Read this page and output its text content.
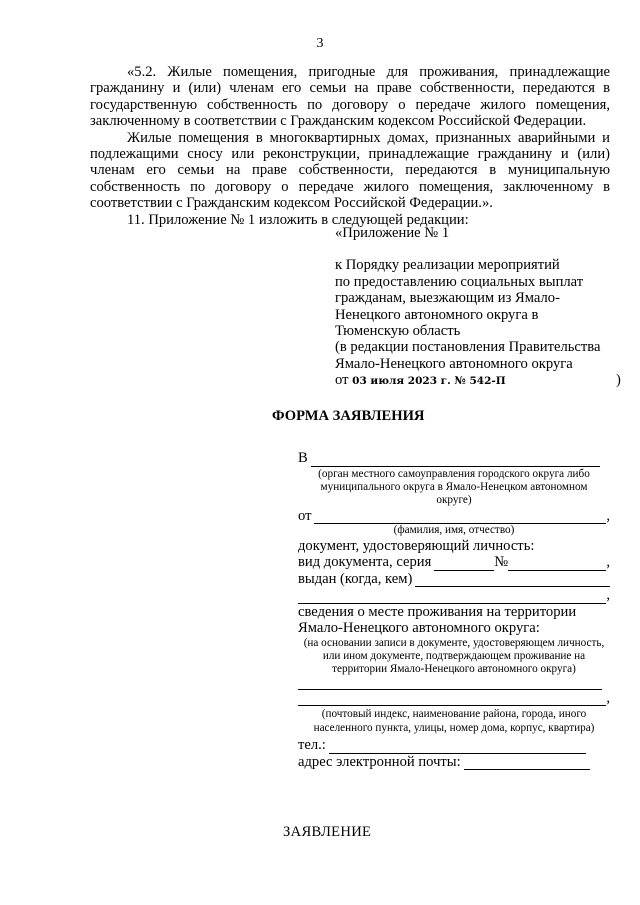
3

«5.2. Жилые помещения, пригодные для проживания, принадлежащие гражданину и (или) членам его семьи на праве собственности, передаются в государственную собственность по договору о передаче жилого помещения, заключенному в соответствии с Гражданским кодексом Российской Федерации.

Жилые помещения в многоквартирных домах, признанных аварийными и подлежащими сносу или реконструкции, принадлежащие гражданину и (или) членам его семьи на праве собственности, передаются в муниципальную собственность по договору о передаче жилого помещения, заключенному в соответствии с Гражданским кодексом Российской Федерации.».

11. Приложение № 1 изложить в следующей редакции:

«Приложение № 1
к Порядку реализации мероприятий
по предоставлению социальных выплат
гражданам, выезжающим из Ямало-
Ненецкого автономного округа в
Тюменскую область
(в редакции постановления Правительства
Ямало-Ненецкого автономного округа
от 03 июля 2023 г. № 542-П	)
ФОРМА ЗАЯВЛЕНИЯ
В
(орган местного самоуправления городского округа либо муниципального округа в Ямало-Ненецком автономном округе)
от	,
(фамилия, имя, отчество)
документ, удостоверяющий личность:
вид документа, серия	№	,
выдан (когда, кем)
,
сведения о месте проживания на территории
Ямало-Ненецкого автономного округа:
(на основании записи в документе, удостоверяющем личность, или ином документе, подтверждающем проживание на территории Ямало-Ненецкого автономного округа)
,
(почтовый индекс, наименование района, города, иного населенного пункта, улицы, номер дома, корпус, квартира)
тел.:
адрес электронной почты:
ЗАЯВЛЕНИЕ
